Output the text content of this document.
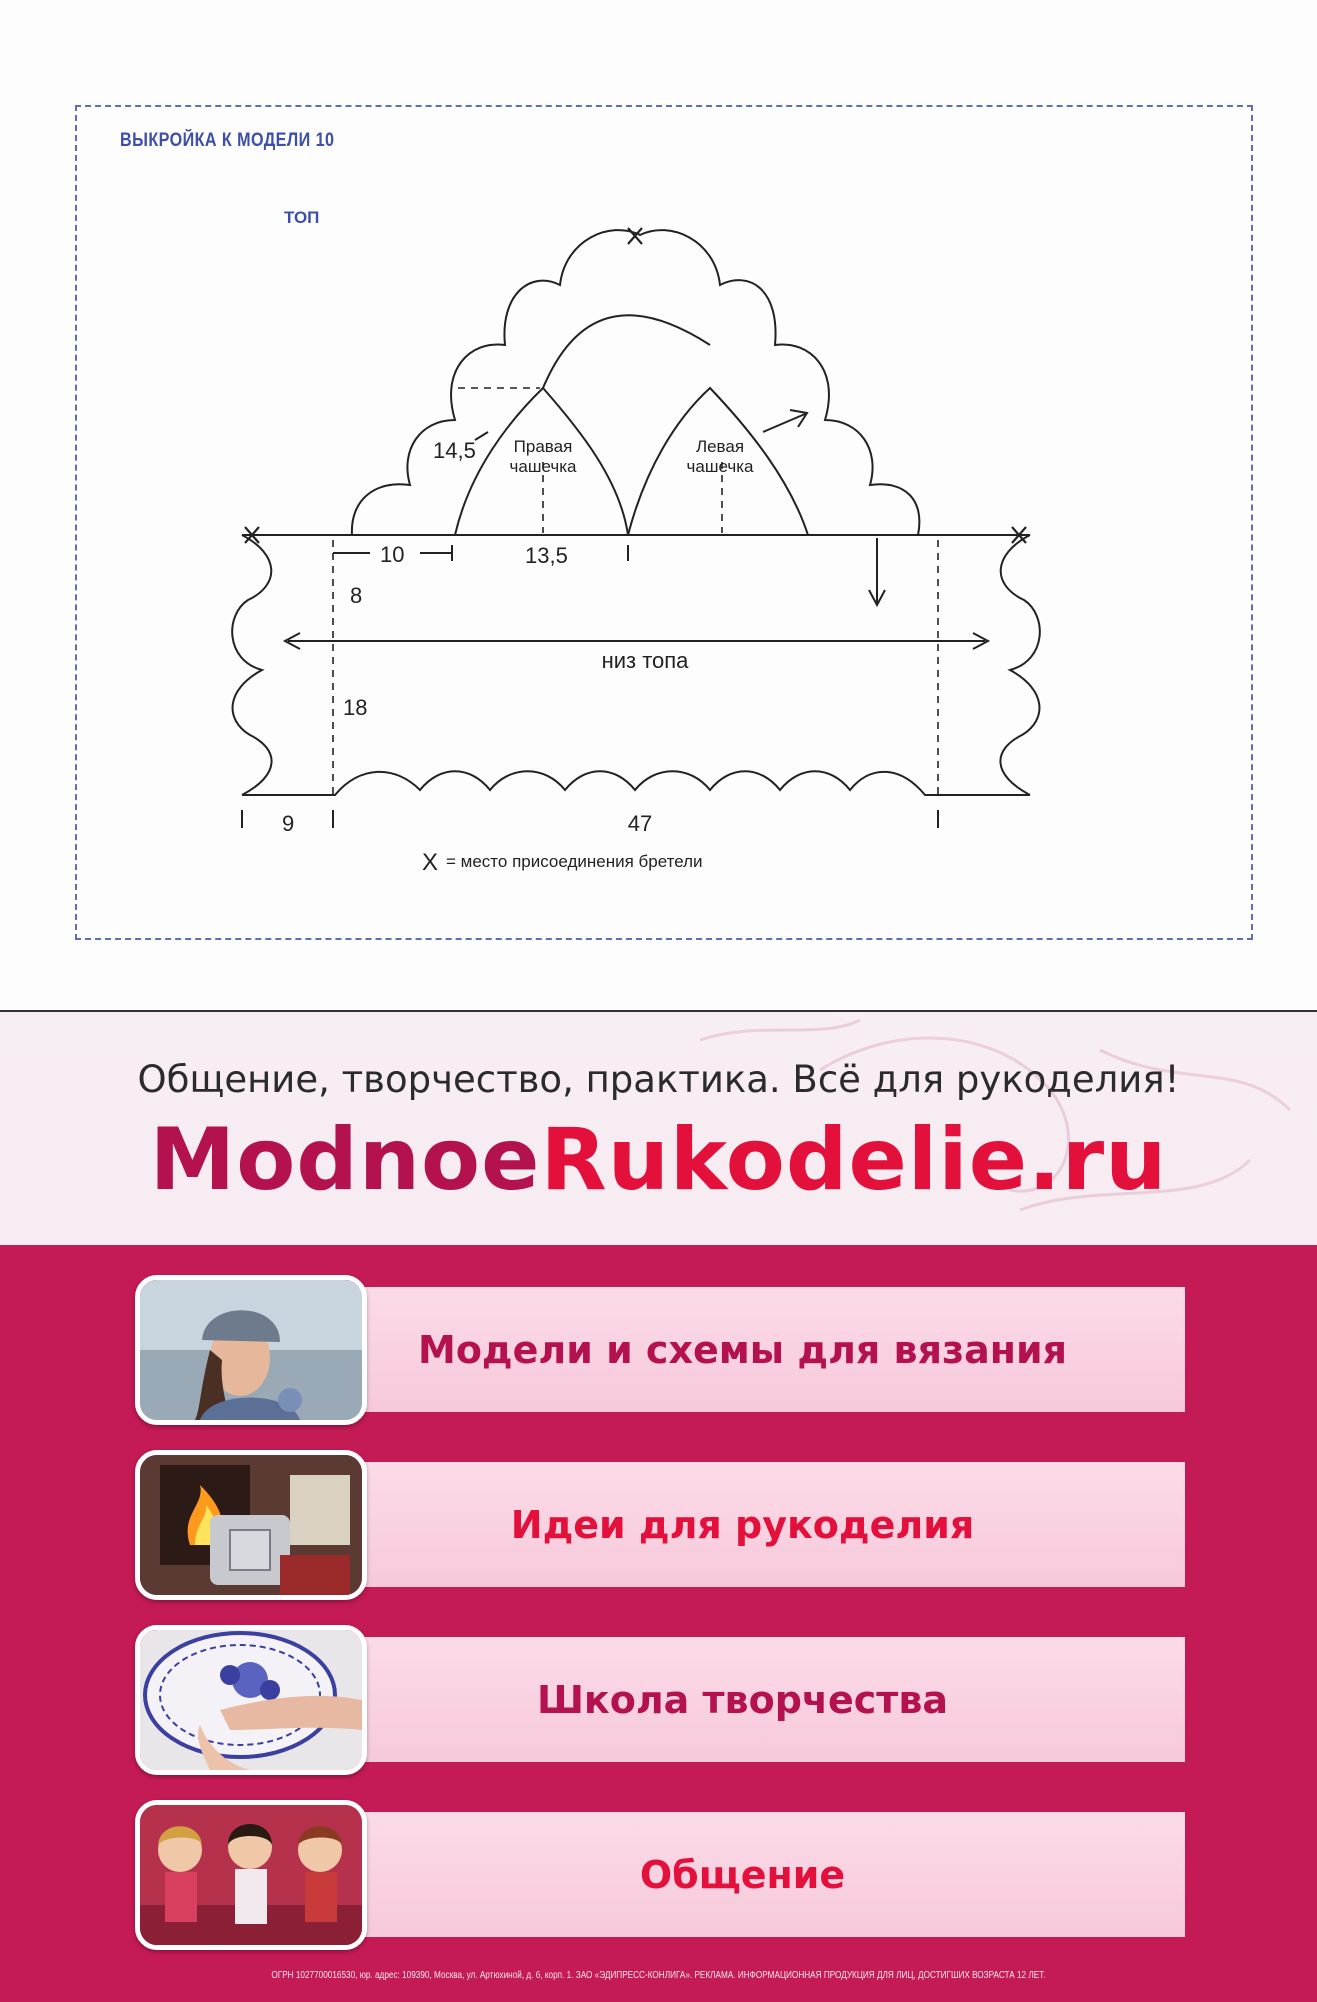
ВЫКРОЙКА К МОДЕЛИ 10
ТОП
14,5 Правая
чашечка
Левая
чашечка
10	13,5
8
низ топа
18
9	47
X = место присоединения бретели
Общение, творчество, практика. Всё для рукоделия!
ModnoeRukodelie.ru
Модели и схемы для вязания
Идеи для рукоделия
Школа творчества
Общение
ОГРН 1027700016530, юр. адрес: 109390, Москва, ул. Артюхиной, д. 6, корп. 1. ЗАО «ЭДИПРЕСС-КОНЛИГА». РЕКЛАМА. ИНФОРМАЦИОННАЯ ПРОДУКЦИЯ ДЛЯ ЛИЦ, ДОСТИГШИХ ВОЗРАСТА 12 ЛЕТ.
